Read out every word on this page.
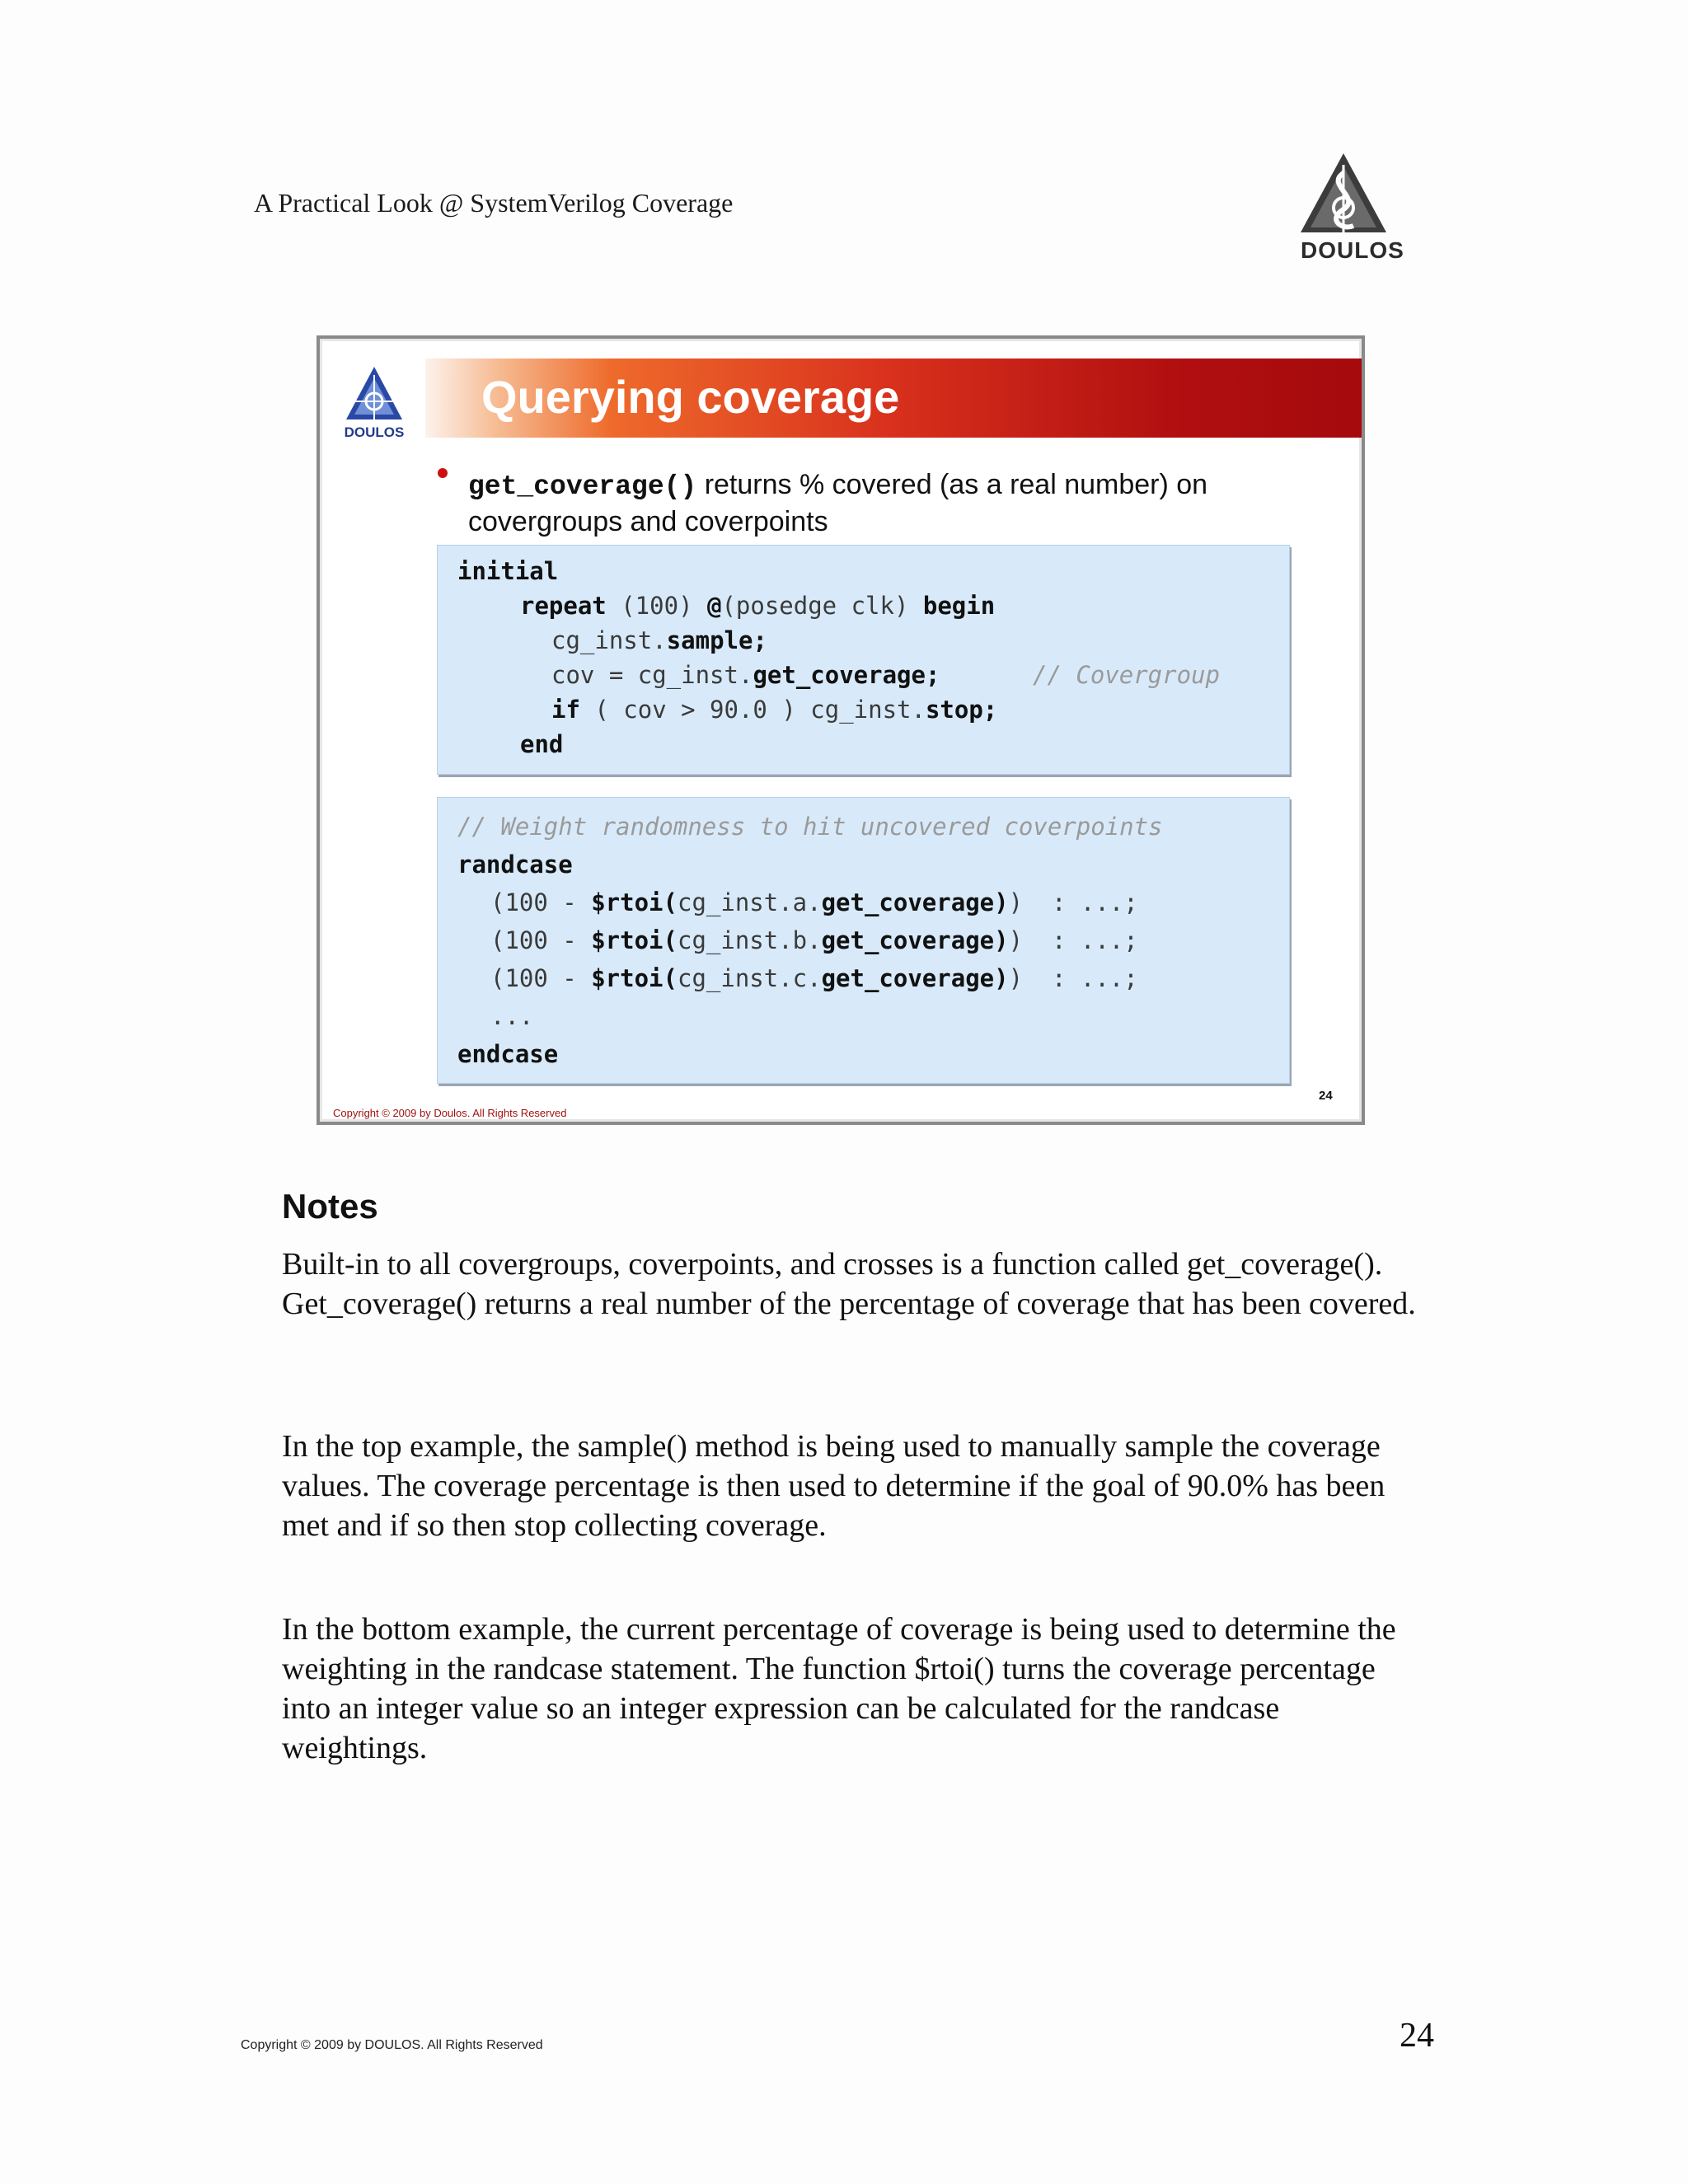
A Practical Look @ SystemVerilog Coverage
DOULOS
DOULOS
Querying coverage
get_coverage() returns % covered (as a real number) on covergroups and coverpoints
initial
repeat (100) @(posedge clk) begin
cg_inst.sample;
cov = cg_inst.get_coverage;	// Covergroup
if ( cov > 90.0 ) cg_inst.stop;
end
// Weight randomness to hit uncovered coverpoints
randcase
(100 - $rtoi(cg_inst.a.get_coverage))  : ...;
(100 - $rtoi(cg_inst.b.get_coverage))  : ...;
(100 - $rtoi(cg_inst.c.get_coverage))  : ...;
...
endcase
Copyright © 2009 by Doulos. All Rights Reserved
24
Notes
Built-in to all covergroups, coverpoints, and crosses is a function called get_coverage(). Get_coverage() returns a real number of the percentage of coverage that has been covered.
In the top example, the sample() method is being used to manually sample the coverage values. The coverage percentage is then used to determine if the goal of 90.0% has been met and if so then stop collecting coverage.
In the bottom example, the current percentage of coverage is being used to determine the weighting in the randcase statement. The function $rtoi() turns the coverage percentage into an integer value so an integer expression can be calculated for the randcase weightings.
Copyright © 2009 by DOULOS. All Rights Reserved	24
